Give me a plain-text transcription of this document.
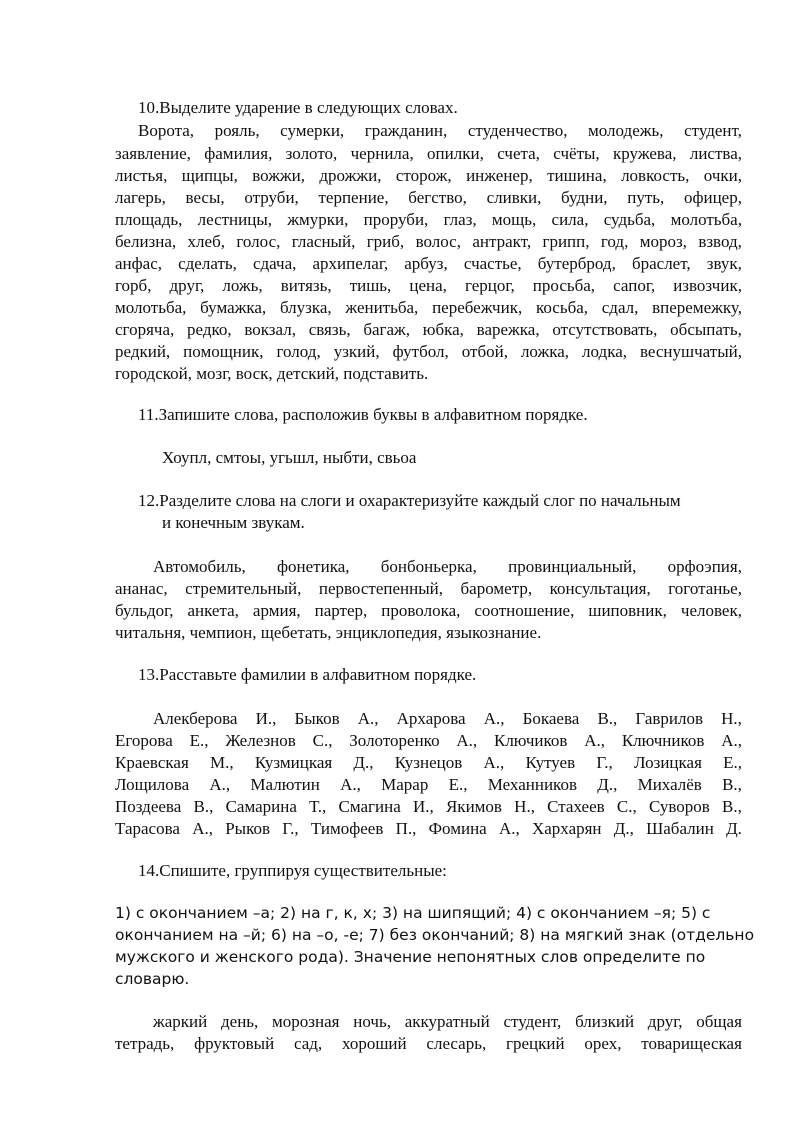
10.Выделите ударение в следующих словах.
Ворота, рояль, сумерки, гражданин, студенчество, молодежь, студент,
заявление, фамилия, золото, чернила, опилки, счета, счёты, кружева, листва,
листья, щипцы, вожжи, дрожжи, сторож, инженер, тишина, ловкость, очки,
лагерь, весы, отруби, терпение, бегство, сливки, будни, путь, офицер,
площадь, лестницы, жмурки, проруби, глаз, мощь, сила, судьба, молотьба,
белизна, хлеб, голос, гласный, гриб, волос, антракт, грипп, год, мороз, взвод,
анфас, сделать, сдача, архипелаг, арбуз, счастье, бутерброд, браслет, звук,
горб, друг, ложь, витязь, тишь, цена, герцог, просьба, сапог, извозчик,
молотьба, бумажка, блузка, женитьба, перебежчик, косьба, сдал, вперемежку,
сгоряча, редко, вокзал, связь, багаж, юбка, варежка, отсутствовать, обсыпать,
редкий, помощник, голод, узкий, футбол, отбой, ложка, лодка, веснушчатый,
городской, мозг, воск, детский, подставить.
11.Запишите слова, расположив буквы в алфавитном порядке.
Хоупл, смтоы, угьшл, ныбти, свьоа
12.Разделите слова на слоги и охарактеризуйте каждый слог по начальным
и конечным звукам.
Автомобиль, фонетика, бонбоньерка, провинциальный, орфоэпия,
ананас, стремительный, первостепенный, барометр, консультация, гоготанье,
бульдог, анкета, армия, партер, проволока, соотношение, шиповник, человек,
читальня, чемпион, щебетать, энциклопедия, языкознание.
13.Расставьте фамилии в алфавитном порядке.
Алекберова И., Быков А., Архарова А., Бокаева В., Гаврилов Н.,
Егорова Е., Железнов С., Золоторенко А., Ключиков А., Ключников А.,
Краевская М., Кузмицкая Д., Кузнецов А., Кутуев Г., Лозицкая Е.,
Лощилова А., Малютин А., Марар Е., Механников Д., Михалёв В.,
Поздеева В., Самарина Т., Смагина И., Якимов Н., Стахеев С., Суворов В.,
Тарасова А., Рыков Г., Тимофеев П., Фомина А., Хархарян Д., Шабалин Д.
14.Спишите, группируя существительные:
1) с окончанием –а; 2) на г, к, х; 3) на шипящий; 4) с окончанием –я; 5) с
окончанием на –й; 6) на –о, -е; 7) без окончаний; 8) на мягкий знак (отдельно
мужского и женского рода). Значение непонятных слов определите по
словарю.
жаркий день, морозная ночь, аккуратный студент, близкий друг, общая
тетрадь, фруктовый сад, хороший слесарь, грецкий орех, товарищеская
